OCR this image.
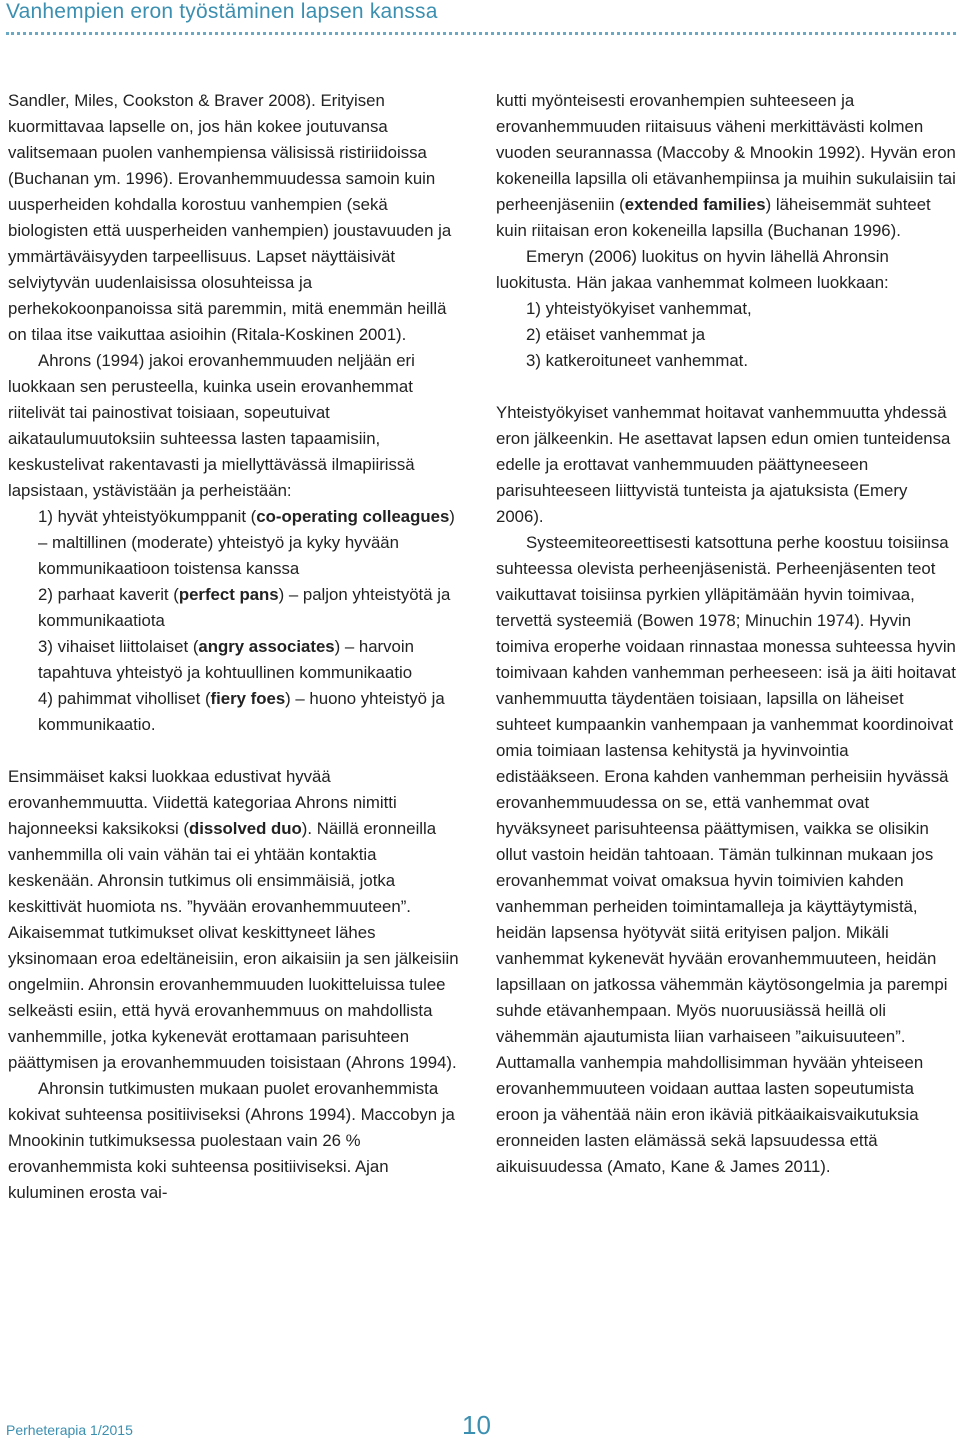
Vanhempien eron työstäminen lapsen kanssa

Sandler, Miles, Cookston & Braver 2008). Erityisen kuormittavaa lapselle on, jos hän kokee joutuvansa valitsemaan puolen vanhempiensa välisissä ristiriidoissa (Buchanan ym. 1996). Erovanhemmuudessa samoin kuin uusperheiden kohdalla korostuu vanhempien (sekä biologisten että uusperheiden vanhempien) joustavuuden ja ymmärtäväisyyden tarpeellisuus. Lapset näyttäisivät selviytyvän uudenlaisissa olosuhteissa ja perhekokoonpanoissa sitä paremmin, mitä enemmän heillä on tilaa itse vaikuttaa asioihin (Ritala-Koskinen 2001).

Ahrons (1994) jakoi erovanhemmuuden neljään eri luokkaan sen perusteella, kuinka usein erovanhemmat riitelivät tai painostivat toisiaan, sopeutuivat aikataulumuutoksiin suhteessa lasten tapaamisiin, keskustelivat rakentavasti ja miellyttävässä ilmapiirissä lapsistaan, ystävistään ja perheistään:

1) hyvät yhteistyökumppanit (co-operating colleagues) – maltillinen (moderate) yhteistyö ja kyky hyvään kommunikaatioon toistensa kanssa

2) parhaat kaverit (perfect pans) – paljon yhteistyötä ja kommunikaatiota

3) vihaiset liittolaiset (angry associates) – harvoin tapahtuva yhteistyö ja kohtuullinen kommunikaatio

4) pahimmat viholliset (fiery foes) – huono yhteistyö ja kommunikaatio.

Ensimmäiset kaksi luokkaa edustivat hyvää erovanhemmuutta. Viidettä kategoriaa Ahrons nimitti hajonneeksi kaksikoksi (dissolved duo). Näillä eronneilla vanhemmilla oli vain vähän tai ei yhtään kontaktia keskenään. Ahronsin tutkimus oli ensimmäisiä, jotka keskittivät huomiota ns. ”hyvään erovanhemmuuteen”. Aikaisemmat tutkimukset olivat keskittyneet lähes yksinomaan eroa edeltäneisiin, eron aikaisiin ja sen jälkeisiin ongelmiin. Ahronsin erovanhemmuuden luokitteluissa tulee selkeästi esiin, että hyvä erovanhemmuus on mahdollista vanhemmille, jotka kykenevät erottamaan parisuhteen päättymisen ja erovanhemmuuden toisistaan (Ahrons 1994).

Ahronsin tutkimusten mukaan puolet erovanhemmista kokivat suhteensa positiiviseksi (Ahrons 1994). Maccobyn ja Mnookinin tutkimuksessa puolestaan vain 26 % erovanhemmista koki suhteensa positiiviseksi. Ajan kuluminen erosta vai-

kutti myönteisesti erovanhempien suhteeseen ja erovanhemmuuden riitaisuus väheni merkittävästi kolmen vuoden seurannassa (Maccoby & Mnookin 1992). Hyvän eron kokeneilla lapsilla oli etävanhempiinsa ja muihin sukulaisiin tai perheenjäseniin (extended families) läheisemmät suhteet kuin riitaisan eron kokeneilla lapsilla (Buchanan 1996).

Emeryn (2006) luokitus on hyvin lähellä Ahronsin luokitusta. Hän jakaa vanhemmat kolmeen luokkaan:

1) yhteistyökyiset vanhemmat,

2) etäiset vanhemmat ja

3) katkeroituneet vanhemmat.

Yhteistyökyiset vanhemmat hoitavat vanhemmuutta yhdessä eron jälkeenkin. He asettavat lapsen edun omien tunteidensa edelle ja erottavat vanhemmuuden päättyneeseen parisuhteeseen liittyvistä tunteista ja ajatuksista (Emery 2006).

Systeemiteoreettisesti katsottuna perhe koostuu toisiinsa suhteessa olevista perheenjäsenistä. Perheenjäsenten teot vaikuttavat toisiinsa pyrkien ylläpitämään hyvin toimivaa, tervettä systeemiä (Bowen 1978; Minuchin 1974). Hyvin toimiva eroperhe voidaan rinnastaa monessa suhteessa hyvin toimivaan kahden vanhemman perheeseen: isä ja äiti hoitavat vanhemmuutta täydentäen toisiaan, lapsilla on läheiset suhteet kumpaankin vanhempaan ja vanhemmat koordinoivat omia toimiaan lastensa kehitystä ja hyvinvointia edistääkseen. Erona kahden vanhemman perheisiin hyvässä erovanhemmuudessa on se, että vanhemmat ovat hyväksyneet parisuhteensa päättymisen, vaikka se olisikin ollut vastoin heidän tahtoaan. Tämän tulkinnan mukaan jos erovanhemmat voivat omaksua hyvin toimivien kahden vanhemman perheiden toimintamalleja ja käyttäytymistä, heidän lapsensa hyötyvät siitä erityisen paljon. Mikäli vanhemmat kykenevät hyvään erovanhemmuuteen, heidän lapsillaan on jatkossa vähemmän käytösongelmia ja parempi suhde etävanhempaan. Myös nuoruusiässä heillä oli vähemmän ajautumista liian varhaiseen ”aikuisuuteen”. Auttamalla vanhempia mahdollisimman hyvään yhteiseen erovanhemmuuteen voidaan auttaa lasten sopeutumista eroon ja vähentää näin eron ikäviä pitkäaikaisvaikutuksia eronneiden lasten elämässä sekä lapsuudessa että aikuisuudessa (Amato, Kane & James 2011).

Perheterapia 1/2015	10
